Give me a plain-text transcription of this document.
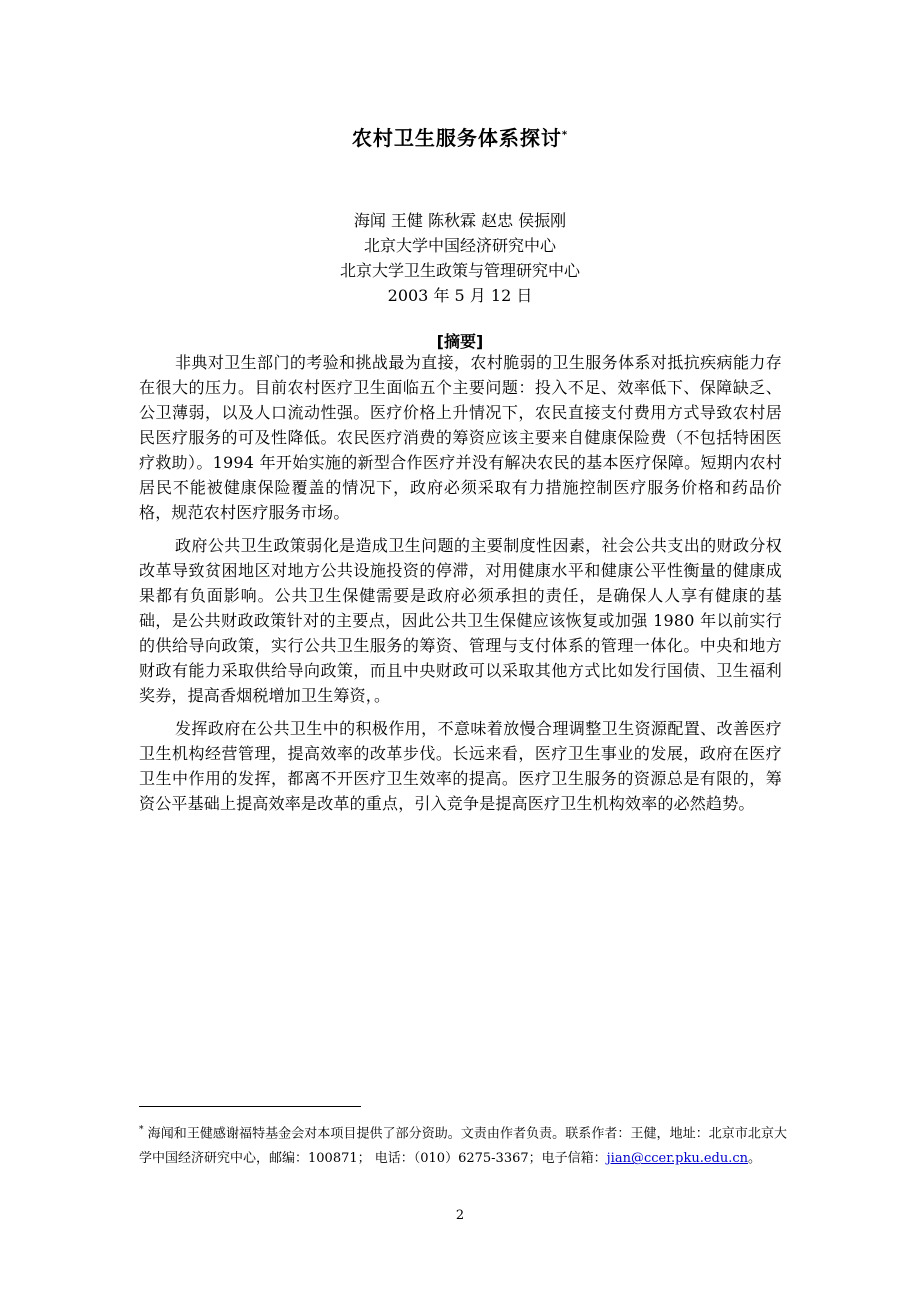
农村卫生服务体系探讨*
海闻 王健 陈秋霖 赵忠 侯振刚
北京大学中国经济研究中心
北京大学卫生政策与管理研究中心
2003 年 5 月 12 日
[摘要]

非典对卫生部门的考验和挑战最为直接，农村脆弱的卫生服务体系对抵抗疾病能力存在很大的压力。目前农村医疗卫生面临五个主要问题：投入不足、效率低下、保障缺乏、公卫薄弱，以及人口流动性强。医疗价格上升情况下，农民直接支付费用方式导致农村居民医疗服务的可及性降低。农民医疗消费的筹资应该主要来自健康保险费（不包括特困医疗救助）。1994 年开始实施的新型合作医疗并没有解决农民的基本医疗保障。短期内农村居民不能被健康保险覆盖的情况下，政府必须采取有力措施控制医疗服务价格和药品价格，规范农村医疗服务市场。

政府公共卫生政策弱化是造成卫生问题的主要制度性因素，社会公共支出的财政分权改革导致贫困地区对地方公共设施投资的停滞，对用健康水平和健康公平性衡量的健康成果都有负面影响。公共卫生保健需要是政府必须承担的责任，是确保人人享有健康的基础，是公共财政政策针对的主要点，因此公共卫生保健应该恢复或加强 1980 年以前实行的供给导向政策，实行公共卫生服务的筹资、管理与支付体系的管理一体化。中央和地方财政有能力采取供给导向政策，而且中央财政可以采取其他方式比如发行国债、卫生福利奖券，提高香烟税增加卫生筹资，。

发挥政府在公共卫生中的积极作用，不意味着放慢合理调整卫生资源配置、改善医疗卫生机构经营管理，提高效率的改革步伐。长远来看，医疗卫生事业的发展，政府在医疗卫生中作用的发挥，都离不开医疗卫生效率的提高。医疗卫生服务的资源总是有限的，筹资公平基础上提高效率是改革的重点，引入竞争是提高医疗卫生机构效率的必然趋势。

* 海闻和王健感谢福特基金会对本项目提供了部分资助。文责由作者负责。联系作者：王健，地址：北京市北京大学中国经济研究中心，邮编：100871； 电话：（010）6275-3367；电子信箱：jian@ccer.pku.edu.cn。
2
